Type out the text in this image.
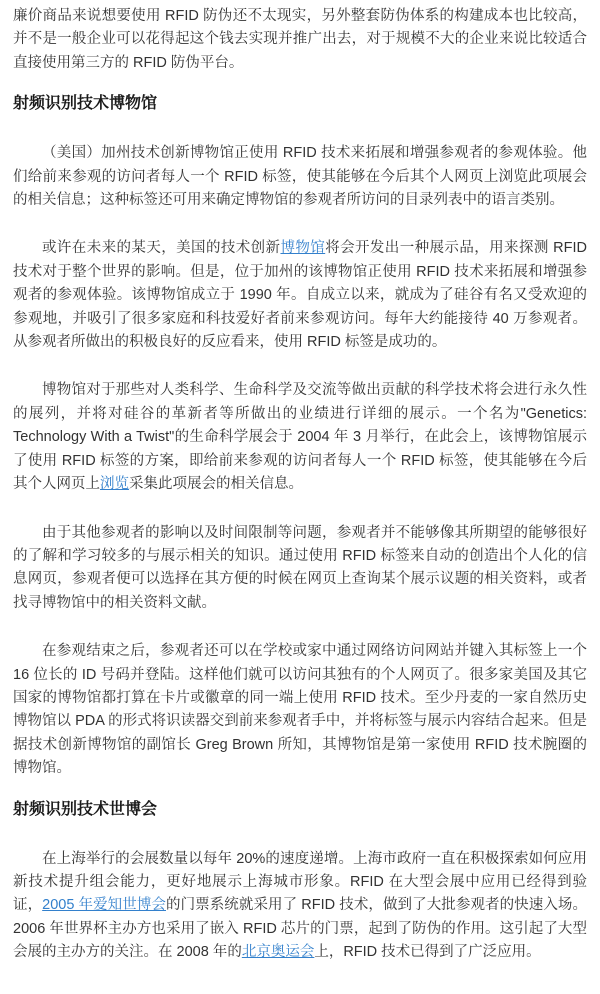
廉价商品来说想要使用 RFID 防伪还不太现实，另外整套防伪体系的构建成本也比较高，并不是一般企业可以花得起这个钱去实现并推广出去，对于规模不大的企业来说比较适合直接使用第三方的 RFID 防伪平台。

射频识别技术博物馆

（美国）加州技术创新博物馆正使用 RFID 技术来拓展和增强参观者的参观体验。他们给前来参观的访问者每人一个 RFID 标签，使其能够在今后其个人网页上浏览此项展会的相关信息；这种标签还可用来确定博物馆的参观者所访问的目录列表中的语言类别。

或许在未来的某天，美国的技术创新博物馆将会开发出一种展示品，用来探测 RFID 技术对于整个世界的影响。但是，位于加州的该博物馆正使用 RFID 技术来拓展和增强参观者的参观体验。该博物馆成立于 1990 年。自成立以来，就成为了硅谷有名又受欢迎的参观地，并吸引了很多家庭和科技爱好者前来参观访问。每年大约能接待 40 万参观者。从参观者所做出的积极良好的反应看来，使用 RFID 标签是成功的。

博物馆对于那些对人类科学、生命科学及交流等做出贡献的科学技术将会进行永久性的展列，并将对硅谷的革新者等所做出的业绩进行详细的展示。一个名为"Genetics: Technology With a Twist"的生命科学展会于 2004 年 3 月举行，在此会上，该博物馆展示了使用 RFID 标签的方案，即给前来参观的访问者每人一个 RFID 标签，使其能够在今后其个人网页上浏览采集此项展会的相关信息。

由于其他参观者的影响以及时间限制等问题，参观者并不能够像其所期望的能够很好的了解和学习较多的与展示相关的知识。通过使用 RFID 标签来自动的创造出个人化的信息网页，参观者便可以选择在其方便的时候在网页上查询某个展示议题的相关资料，或者找寻博物馆中的相关资料文献。

在参观结束之后，参观者还可以在学校或家中通过网络访问网站并键入其标签上一个 16 位长的 ID 号码并登陆。这样他们就可以访问其独有的个人网页了。很多家美国及其它国家的博物馆都打算在卡片或徽章的同一端上使用 RFID 技术。至少丹麦的一家自然历史博物馆以 PDA 的形式将识读器交到前来参观者手中，并将标签与展示内容结合起来。但是据技术创新博物馆的副馆长 Greg Brown 所知，其博物馆是第一家使用 RFID 技术腕圈的博物馆。

射频识别技术世博会

在上海举行的会展数量以每年 20%的速度递增。上海市政府一直在积极探索如何应用新技术提升组会能力，更好地展示上海城市形象。RFID 在大型会展中应用已经得到验证，2005 年爱知世博会的门票系统就采用了 RFID 技术，做到了大批参观者的快速入场。2006 年世界杯主办方也采用了嵌入 RFID 芯片的门票，起到了防伪的作用。这引起了大型会展的主办方的关注。在 2008 年的北京奥运会上，RFID 技术已得到了广泛应用。
